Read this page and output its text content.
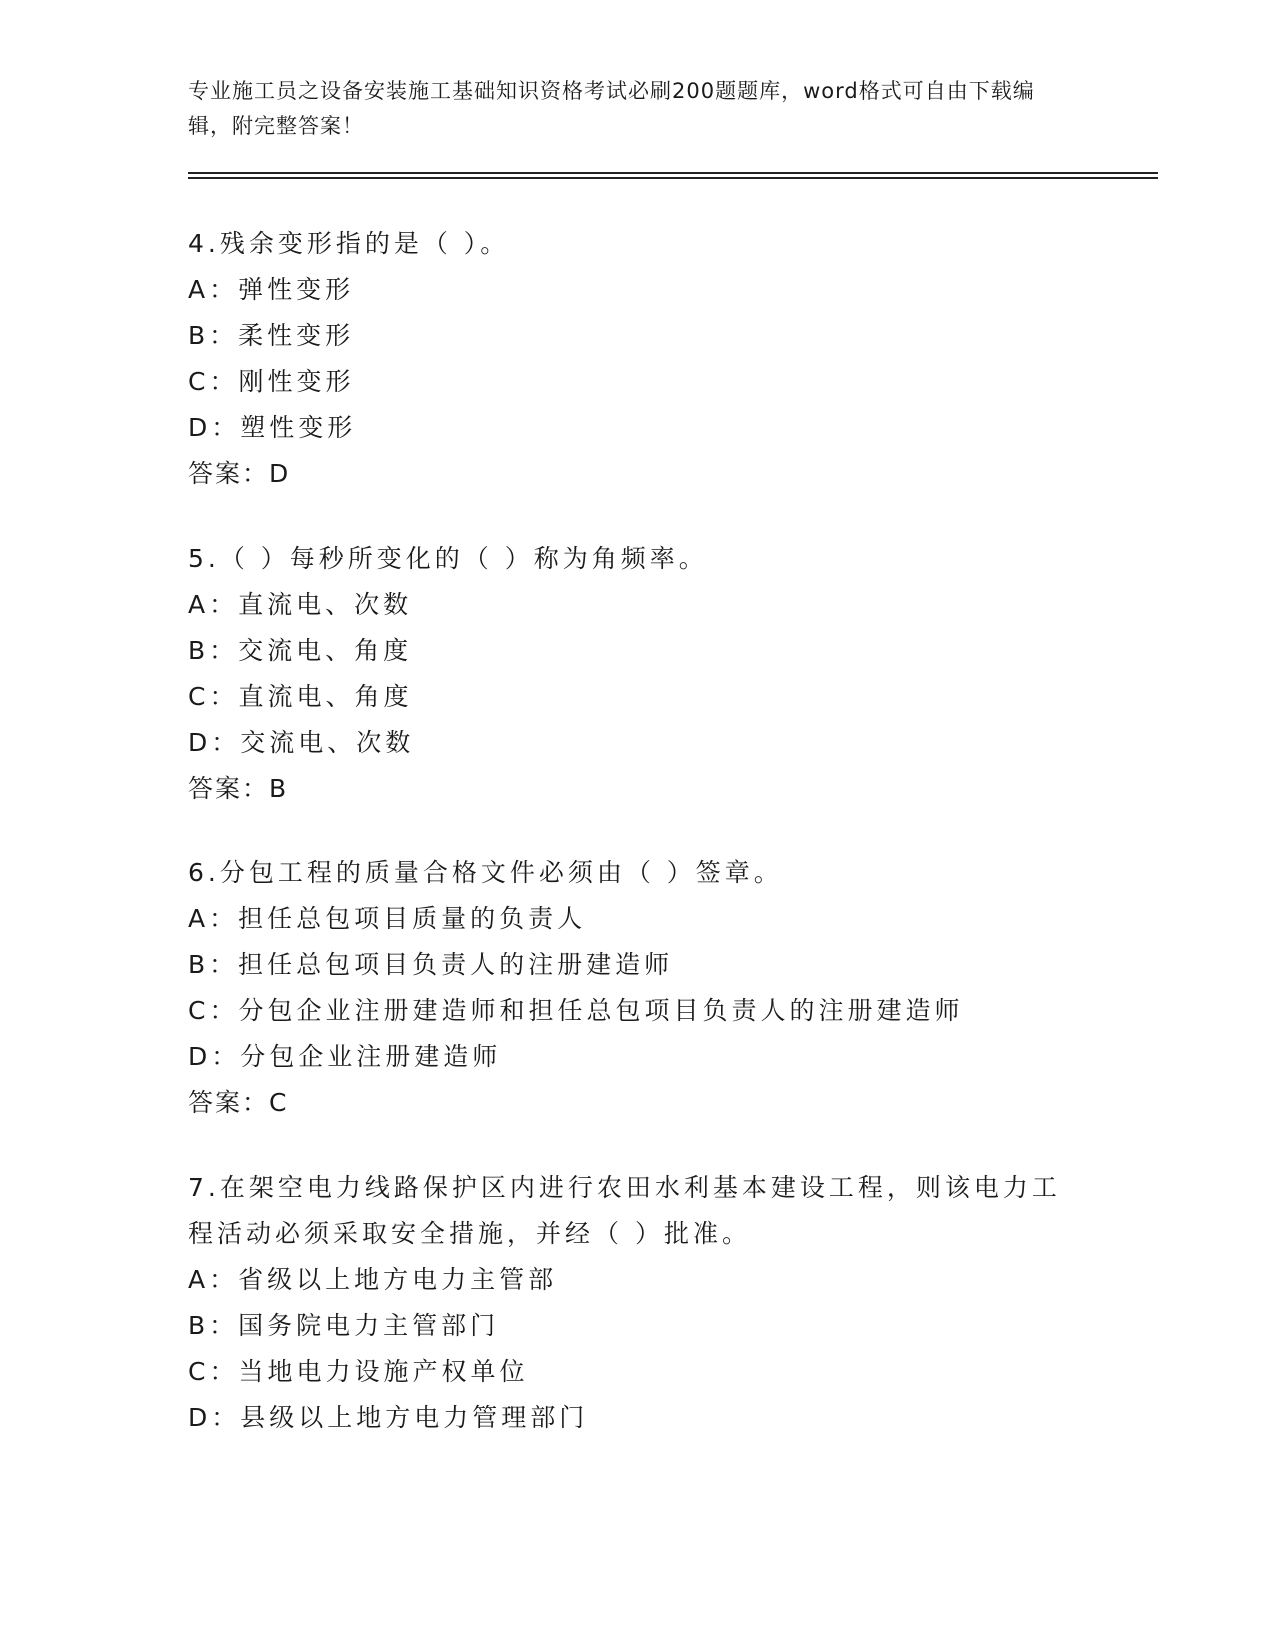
专业施工员之设备安装施工基础知识资格考试必刷200题题库，word格式可自由下载编辑，附完整答案！
4.残余变形指的是（ ）。
A：弹性变形
B：柔性变形
C：刚性变形
D：塑性变形
答案：D
5.（ ）每秒所变化的（ ）称为角频率。
A：直流电、次数
B：交流电、角度
C：直流电、角度
D：交流电、次数
答案：B
6.分包工程的质量合格文件必须由（ ）签章。
A：担任总包项目质量的负责人
B：担任总包项目负责人的注册建造师
C：分包企业注册建造师和担任总包项目负责人的注册建造师
D：分包企业注册建造师
答案：C
7.在架空电力线路保护区内进行农田水利基本建设工程，则该电力工
程活动必须采取安全措施，并经（ ）批准。
A：省级以上地方电力主管部
B：国务院电力主管部门
C：当地电力设施产权单位
D：县级以上地方电力管理部门
